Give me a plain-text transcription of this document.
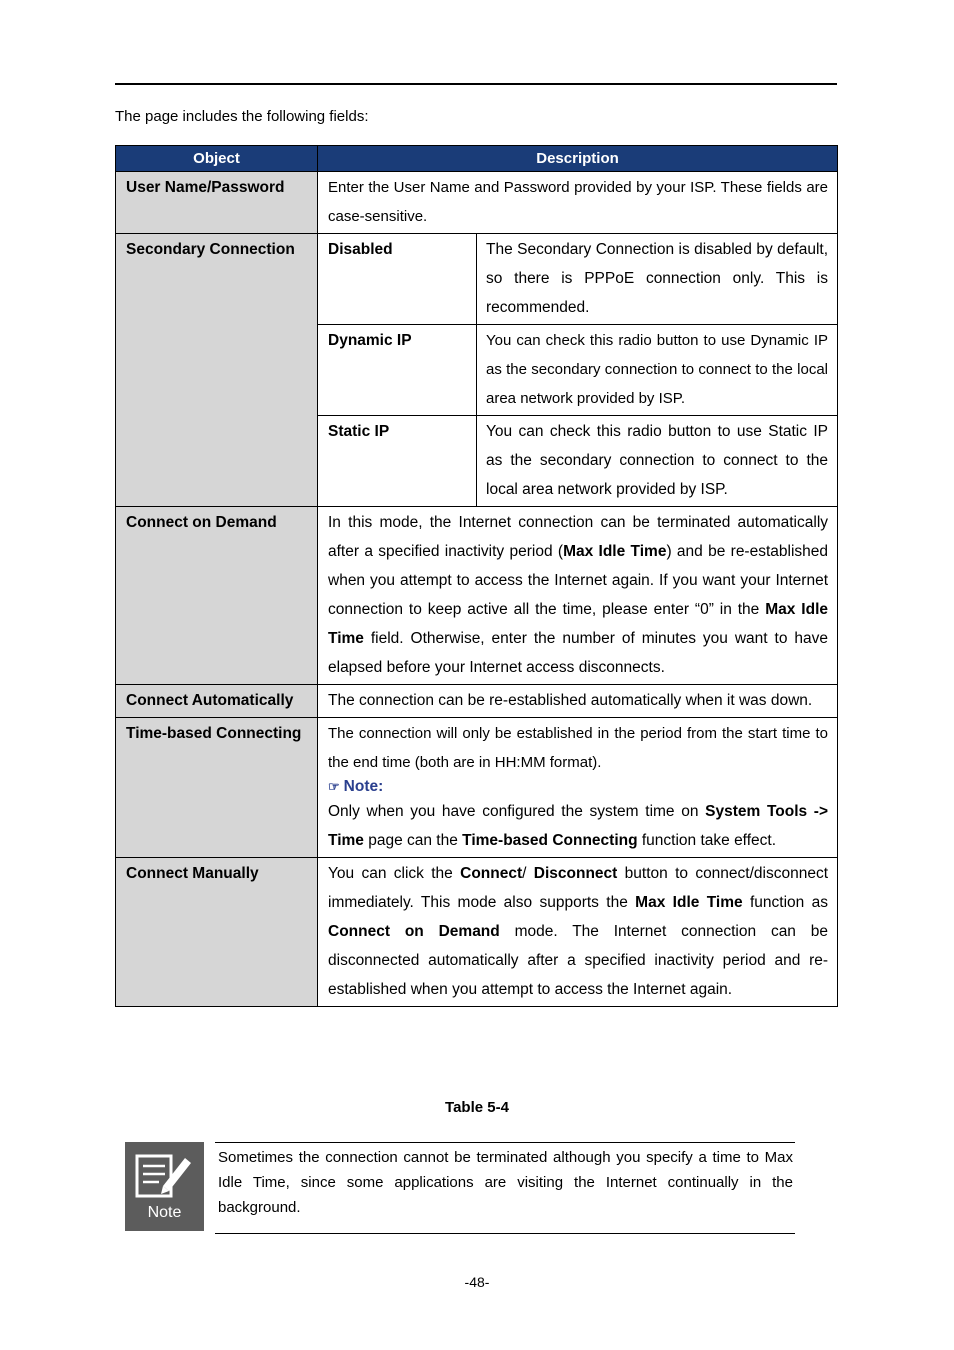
The page includes the following fields:
Object	Description	
User Name/Password	Enter the User Name and Password provided by your ISP. These fields are case-sensitive.	
Secondary Connection	Disabled	The Secondary Connection is disabled by default, so there is PPPoE connection only. This is recommended.
	Dynamic IP	You can check this radio button to use Dynamic IP as the secondary connection to connect to the local area network provided by ISP.
	Static IP	You can check this radio button to use Static IP as the secondary connection to connect to the local area network provided by ISP.
Connect on Demand	In this mode, the Internet connection can be terminated automatically after a specified inactivity period (Max Idle Time) and be re-established when you attempt to access the Internet again. If you want your Internet connection to keep active all the time, please enter “0” in the Max Idle Time field. Otherwise, enter the number of minutes you want to have elapsed before your Internet access disconnects.	
Connect Automatically	The connection can be re-established automatically when it was down.	
Time-based Connecting	The connection will only be established in the period from the start time to the end time (both are in HH:MM format).
☞ Note:
Only when you have configured the system time on System Tools -> Time page can the Time-based Connecting function take effect.	

Connect Manually	You can click the Connect/ Disconnect button to connect/disconnect immediately. This mode also supports the Max Idle Time function as Connect on Demand mode. The Internet connection can be disconnected automatically after a specified inactivity period and re-established when you attempt to access the Internet again.	
Table 5-4
Note
Sometimes the connection cannot be terminated although you specify a time to Max Idle Time, since some applications are visiting the Internet continually in the background.
-48-
